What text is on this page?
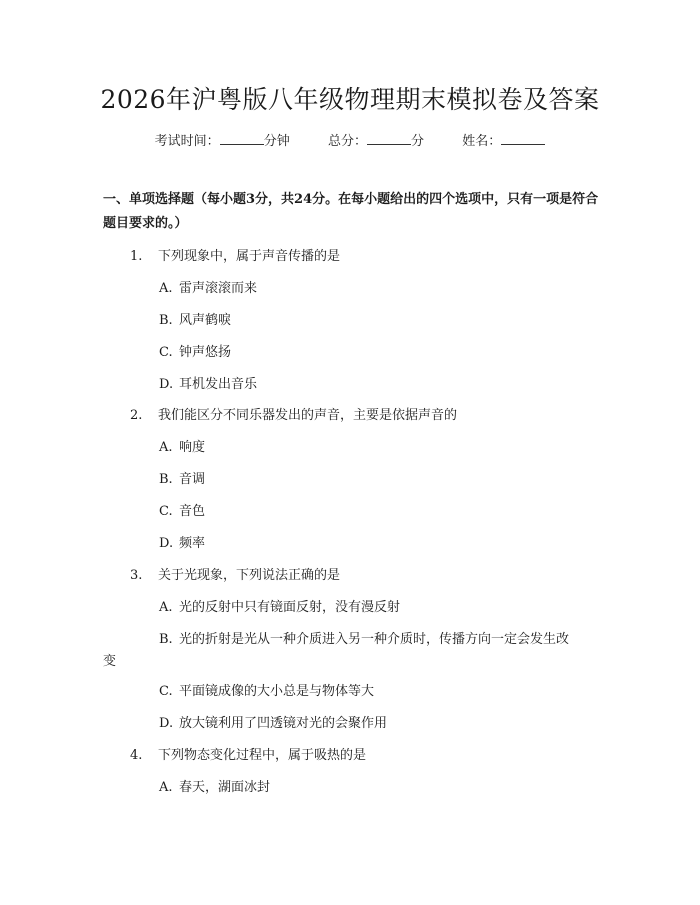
2026年沪粤版八年级物理期末模拟卷及答案
考试时间：	分钟	总分：	分	姓名：
一、单项选择题（每小题3分，共24分。在每小题给出的四个选项中，只有一项是符合题目要求的。）
1. 下列现象中，属于声音传播的是
A. 雷声滚滚而来
B. 风声鹤唳
C. 钟声悠扬
D. 耳机发出音乐
2. 我们能区分不同乐器发出的声音，主要是依据声音的
A. 响度
B. 音调
C. 音色
D. 频率
3. 关于光现象，下列说法正确的是
A. 光的反射中只有镜面反射，没有漫反射
B. 光的折射是光从一种介质进入另一种介质时，传播方向一定会发生改
变
C. 平面镜成像的大小总是与物体等大
D. 放大镜利用了凹透镜对光的会聚作用
4. 下列物态变化过程中，属于吸热的是
A. 春天，湖面冰封
